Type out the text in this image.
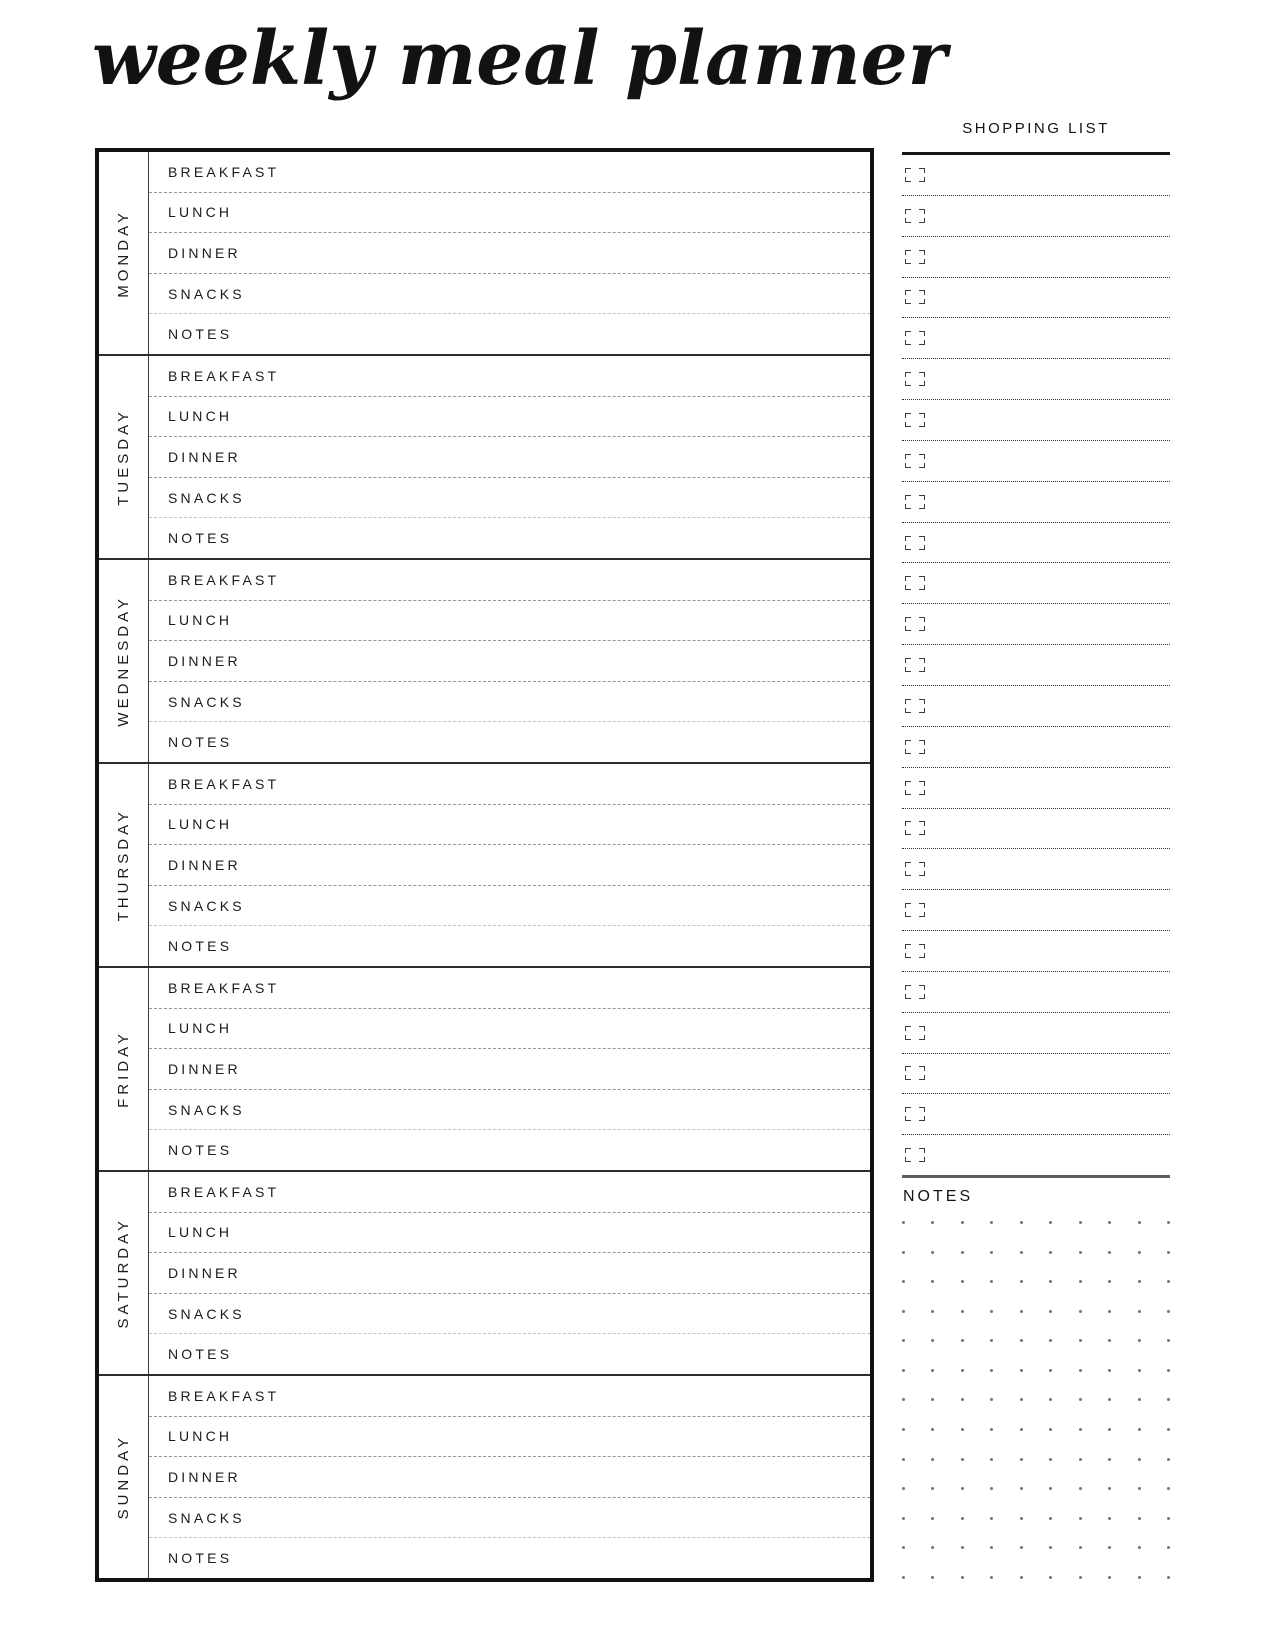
weekly meal planner
MONDAY
BREAKFAST
LUNCH
DINNER
SNACKS
NOTES
TUESDAY
BREAKFAST
LUNCH
DINNER
SNACKS
NOTES
WEDNESDAY
BREAKFAST
LUNCH
DINNER
SNACKS
NOTES
THURSDAY
BREAKFAST
LUNCH
DINNER
SNACKS
NOTES
FRIDAY
BREAKFAST
LUNCH
DINNER
SNACKS
NOTES
SATURDAY
BREAKFAST
LUNCH
DINNER
SNACKS
NOTES
SUNDAY
BREAKFAST
LUNCH
DINNER
SNACKS
NOTES
SHOPPING LIST
NOTES
